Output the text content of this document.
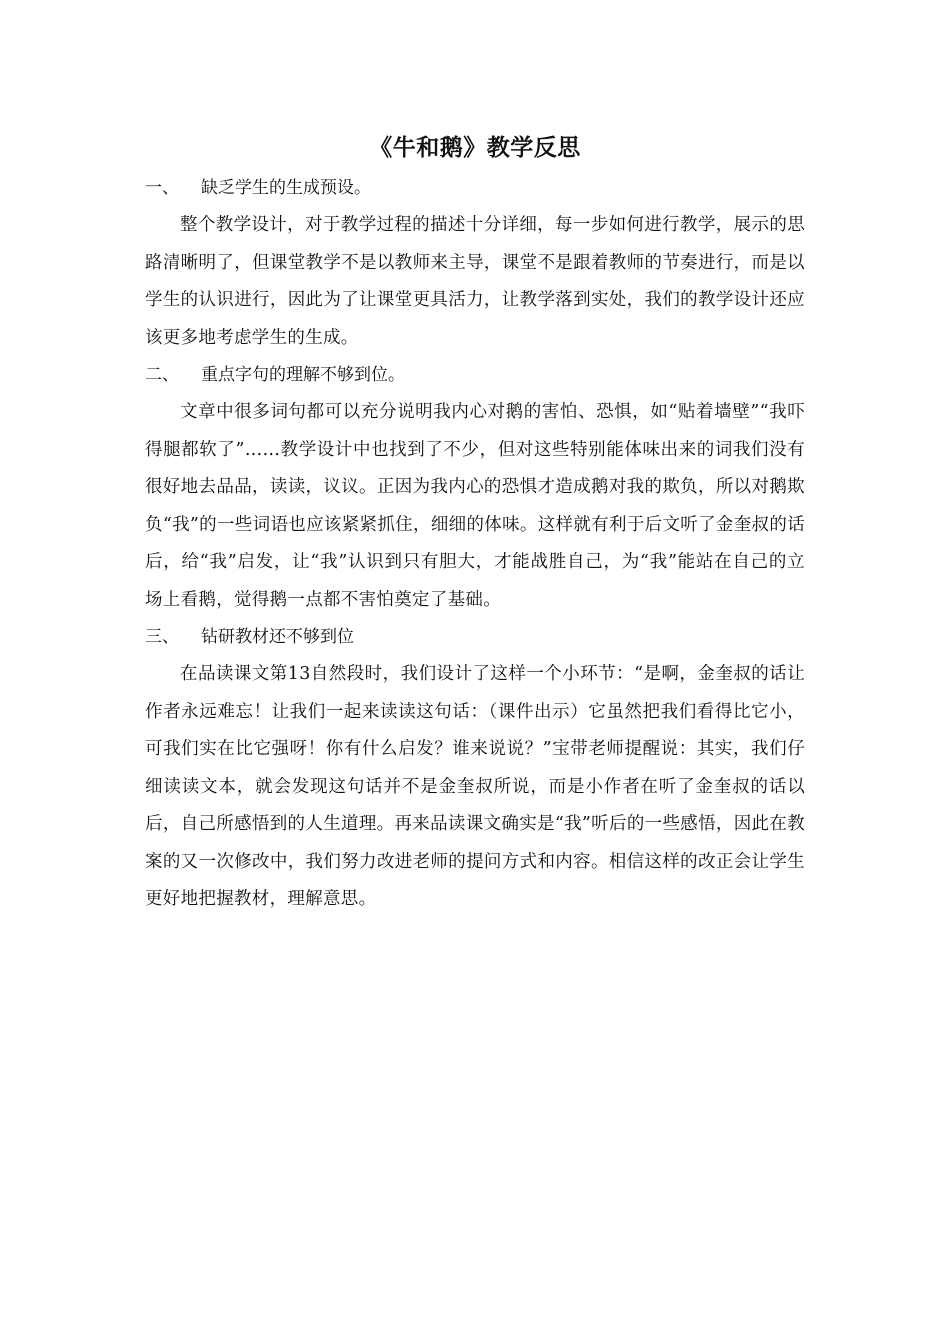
《牛和鹅》教学反思

一、 缺乏学生的生成预设。

整个教学设计，对于教学过程的描述十分详细，每一步如何进行教学，展示的思路清晰明了，但课堂教学不是以教师来主导，课堂不是跟着教师的节奏进行，而是以学生的认识进行，因此为了让课堂更具活力，让教学落到实处，我们的教学设计还应该更多地考虑学生的生成。

二、 重点字句的理解不够到位。

文章中很多词句都可以充分说明我内心对鹅的害怕、恐惧，如“贴着墙壁”“我吓得腿都软了”……教学设计中也找到了不少，但对这些特别能体味出来的词我们没有很好地去品品，读读，议议。正因为我内心的恐惧才造成鹅对我的欺负，所以对鹅欺负“我”的一些词语也应该紧紧抓住，细细的体味。这样就有利于后文听了金奎叔的话后，给“我”启发，让“我”认识到只有胆大，才能战胜自己，为“我”能站在自己的立场上看鹅，觉得鹅一点都不害怕奠定了基础。

三、 钻研教材还不够到位

在品读课文第13自然段时，我们设计了这样一个小环节：“是啊，金奎叔的话让作者永远难忘！让我们一起来读读这句话：（课件出示）它虽然把我们看得比它小，可我们实在比它强呀！你有什么启发？谁来说说？”宝带老师提醒说：其实，我们仔细读读文本，就会发现这句话并不是金奎叔所说，而是小作者在听了金奎叔的话以后，自己所感悟到的人生道理。再来品读课文确实是“我”听后的一些感悟，因此在教案的又一次修改中，我们努力改进老师的提问方式和内容。相信这样的改正会让学生更好地把握教材，理解意思。
